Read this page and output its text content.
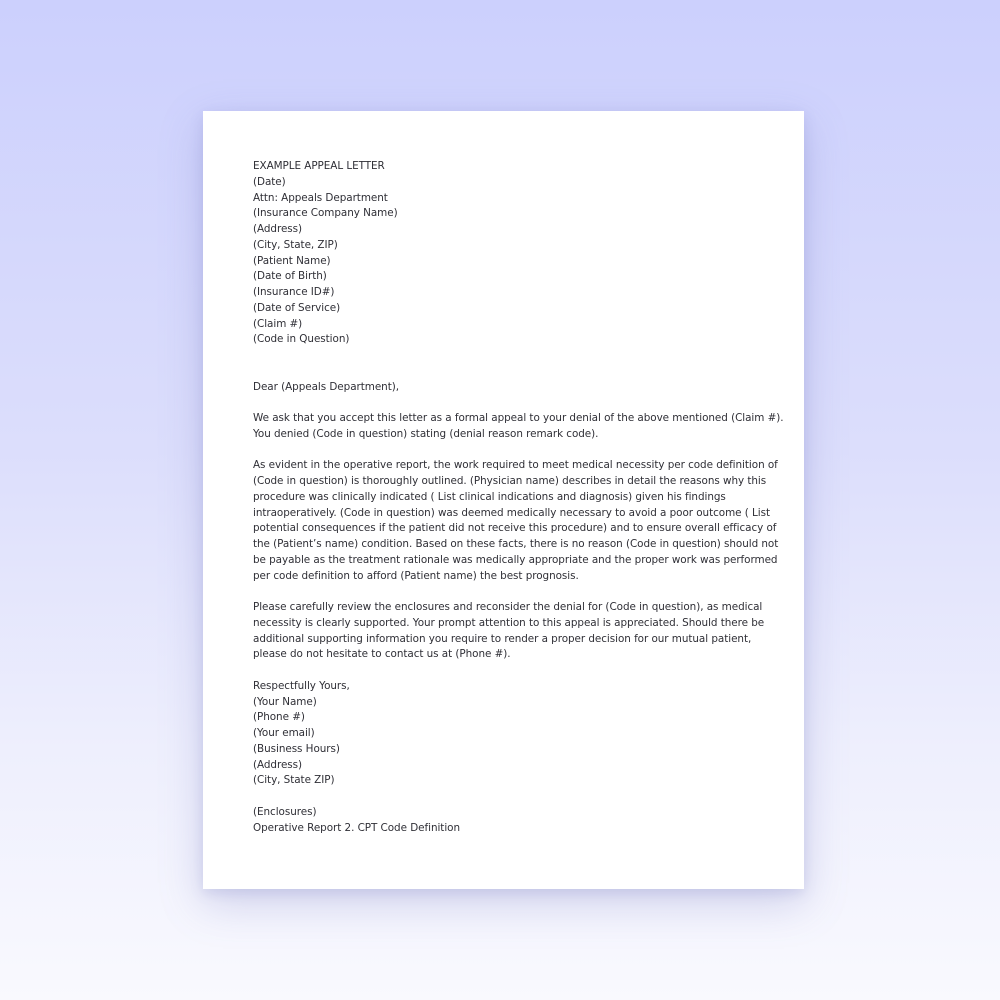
EXAMPLE APPEAL LETTER
(Date)
Attn: Appeals Department
(Insurance Company Name)
(Address)
(City, State, ZIP)
(Patient Name)
(Date of Birth)
(Insurance ID#)
(Date of Service)
(Claim #)
(Code in Question)
Dear (Appeals Department),
We ask that you accept this letter as a formal appeal to your denial of the above mentioned (Claim #).
You denied (Code in question) stating (denial reason remark code).
As evident in the operative report, the work required to meet medical necessity per code definition of
(Code in question) is thoroughly outlined. (Physician name) describes in detail the reasons why this
procedure was clinically indicated ( List clinical indications and diagnosis) given his findings
intraoperatively. (Code in question) was deemed medically necessary to avoid a poor outcome ( List
potential consequences if the patient did not receive this procedure) and to ensure overall efficacy of
the (Patient’s name) condition. Based on these facts, there is no reason (Code in question) should not
be payable as the treatment rationale was medically appropriate and the proper work was performed
per code definition to afford (Patient name) the best prognosis.
Please carefully review the enclosures and reconsider the denial for (Code in question), as medical
necessity is clearly supported. Your prompt attention to this appeal is appreciated. Should there be
additional supporting information you require to render a proper decision for our mutual patient,
please do not hesitate to contact us at (Phone #).
Respectfully Yours,
(Your Name)
(Phone #)
(Your email)
(Business Hours)
(Address)
(City, State ZIP)
(Enclosures)
Operative Report 2. CPT Code Definition
